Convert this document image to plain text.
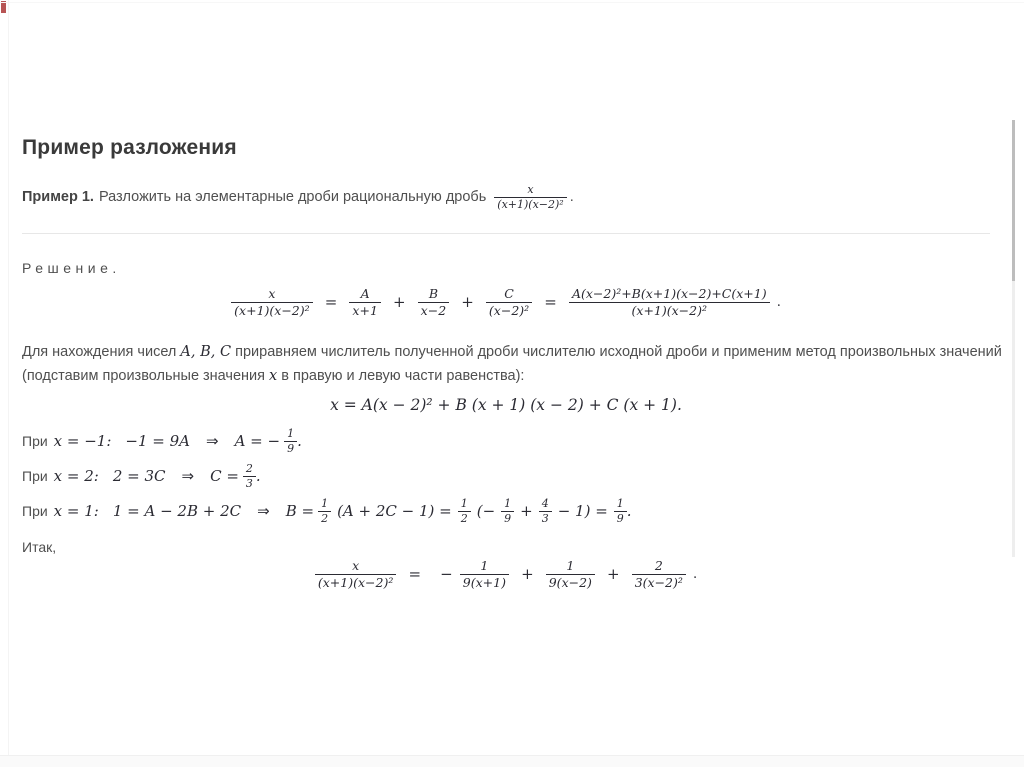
Пример разложения
Пример 1. Разложить на элементарные дроби рациональную дробь $\frac{x}{\text{(x+1)(x−2)²}}$ .
Решение.
$\frac{x}{\text{(x+1)(x−2)²}} = \frac{A}{x+1} + \frac{B}{x-2} + \frac{C}{\text{(x−2)²}} = \frac{\text{A(x−2)²+B(x+1)(x−2)+C(x+1)}}{\text{(x+1)(x−2)²}}$ .

Для нахождения чисел A, B, C приравняем числитель полученной дроби числителю исходной дроби и применим метод произвольных значений (подставим произвольные значения x в правую и левую части равенства):

x = A(x − 2)² + B (x + 1) (x − 2) + C (x + 1).
При x = −1: −1 = 9A ⇒ A = − $\frac{1}{9}$ .
При x = 2: 2 = 3C ⇒ $C = \frac{2}{3}$ .
При x = 1: 1 = A − 2B + 2C ⇒ $B = \frac{1}{2} (A + 2C - 1) = \frac{1}{2}$ (− $\frac{1}{9} + \frac{4}{3} - 1) = \frac{1}{9}$ .
Итак,
$\frac{x}{\text{(x+1)(x−2)²}}$ = − $\frac{1}{9(x+1)} + \frac{1}{9(x-2)} + \frac{2}{\text{3(x−2)²}}$ .
